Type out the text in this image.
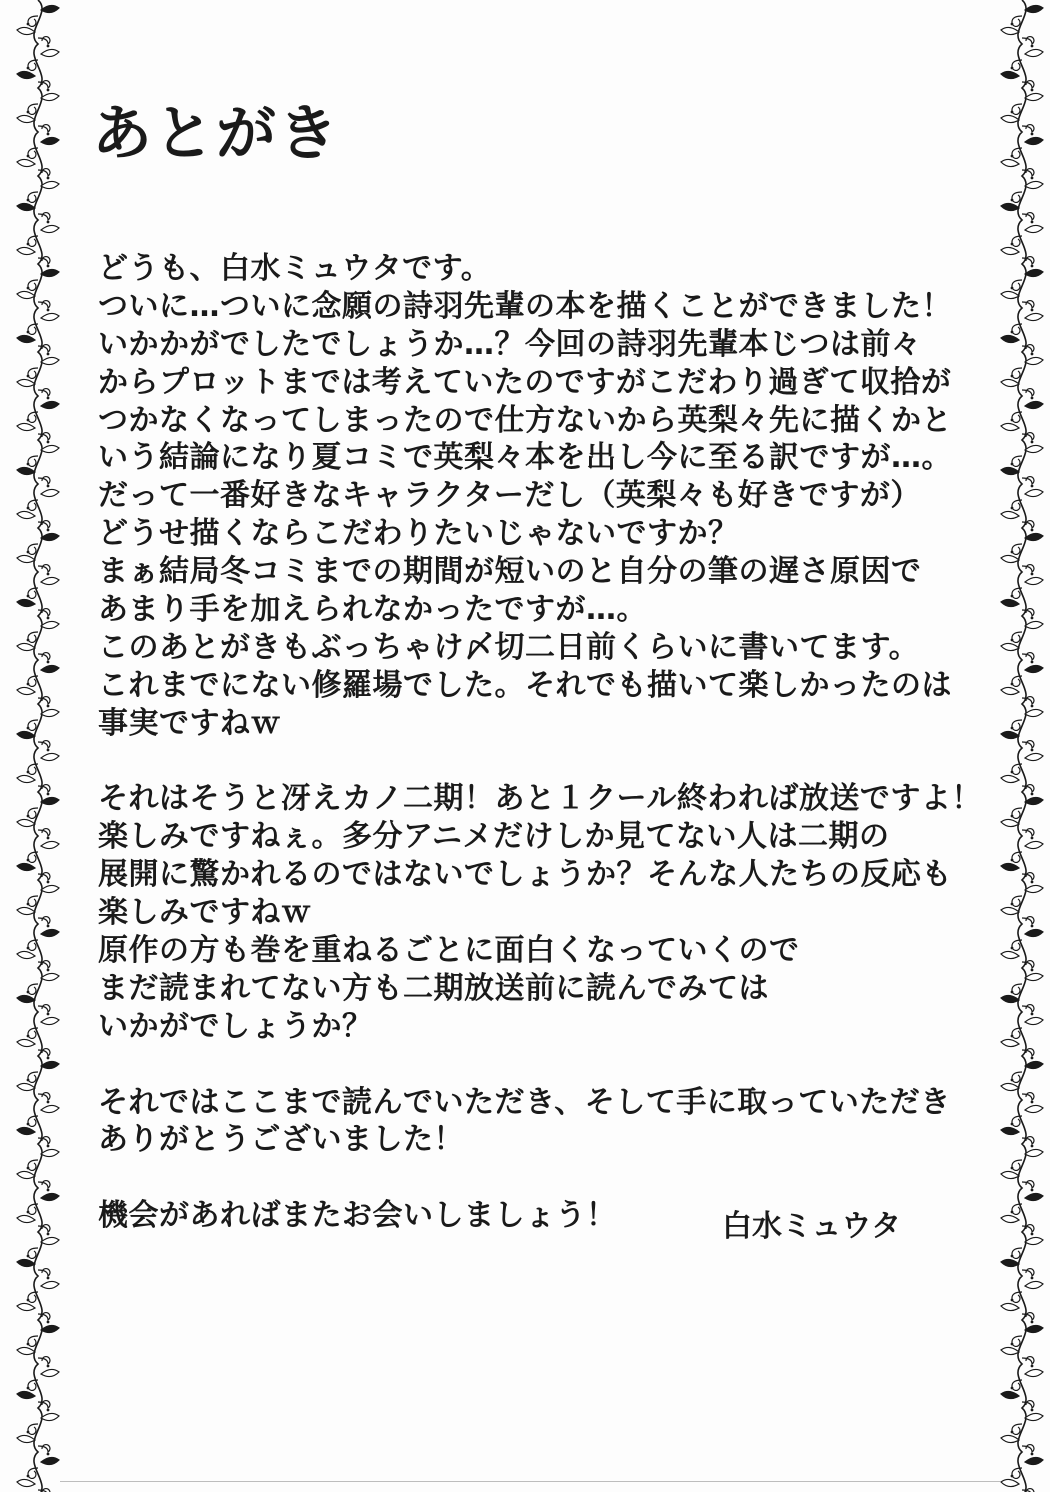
あとがき
どうも、白水ミュウタです。
ついに…ついに念願の詩羽先輩の本を描くことができました！
いかかがでしたでしょうか…？今回の詩羽先輩本じつは前々
からプロットまでは考えていたのですがこだわり過ぎて収拾が
つかなくなってしまったので仕方ないから英梨々先に描くかと
いう結論になり夏コミで英梨々本を出し今に至る訳ですが…。
だって一番好きなキャラクターだし（英梨々も好きですが）
どうせ描くならこだわりたいじゃないですか？
まぁ結局冬コミまでの期間が短いのと自分の筆の遅さ原因で
あまり手を加えられなかったですが…。
このあとがきもぶっちゃけ〆切二日前くらいに書いてます。
これまでにない修羅場でした。それでも描いて楽しかったのは
事実ですねｗ
それはそうと冴えカノ二期！あと１クール終われば放送ですよ！
楽しみですねぇ。多分アニメだけしか見てない人は二期の
展開に驚かれるのではないでしょうか？そんな人たちの反応も
楽しみですねｗ
原作の方も巻を重ねるごとに面白くなっていくので
まだ読まれてない方も二期放送前に読んでみては
いかがでしょうか？
それではここまで読んでいただき、そして手に取っていただき
ありがとうございました！
機会があればまたお会いしましょう！	白水ミュウタ
